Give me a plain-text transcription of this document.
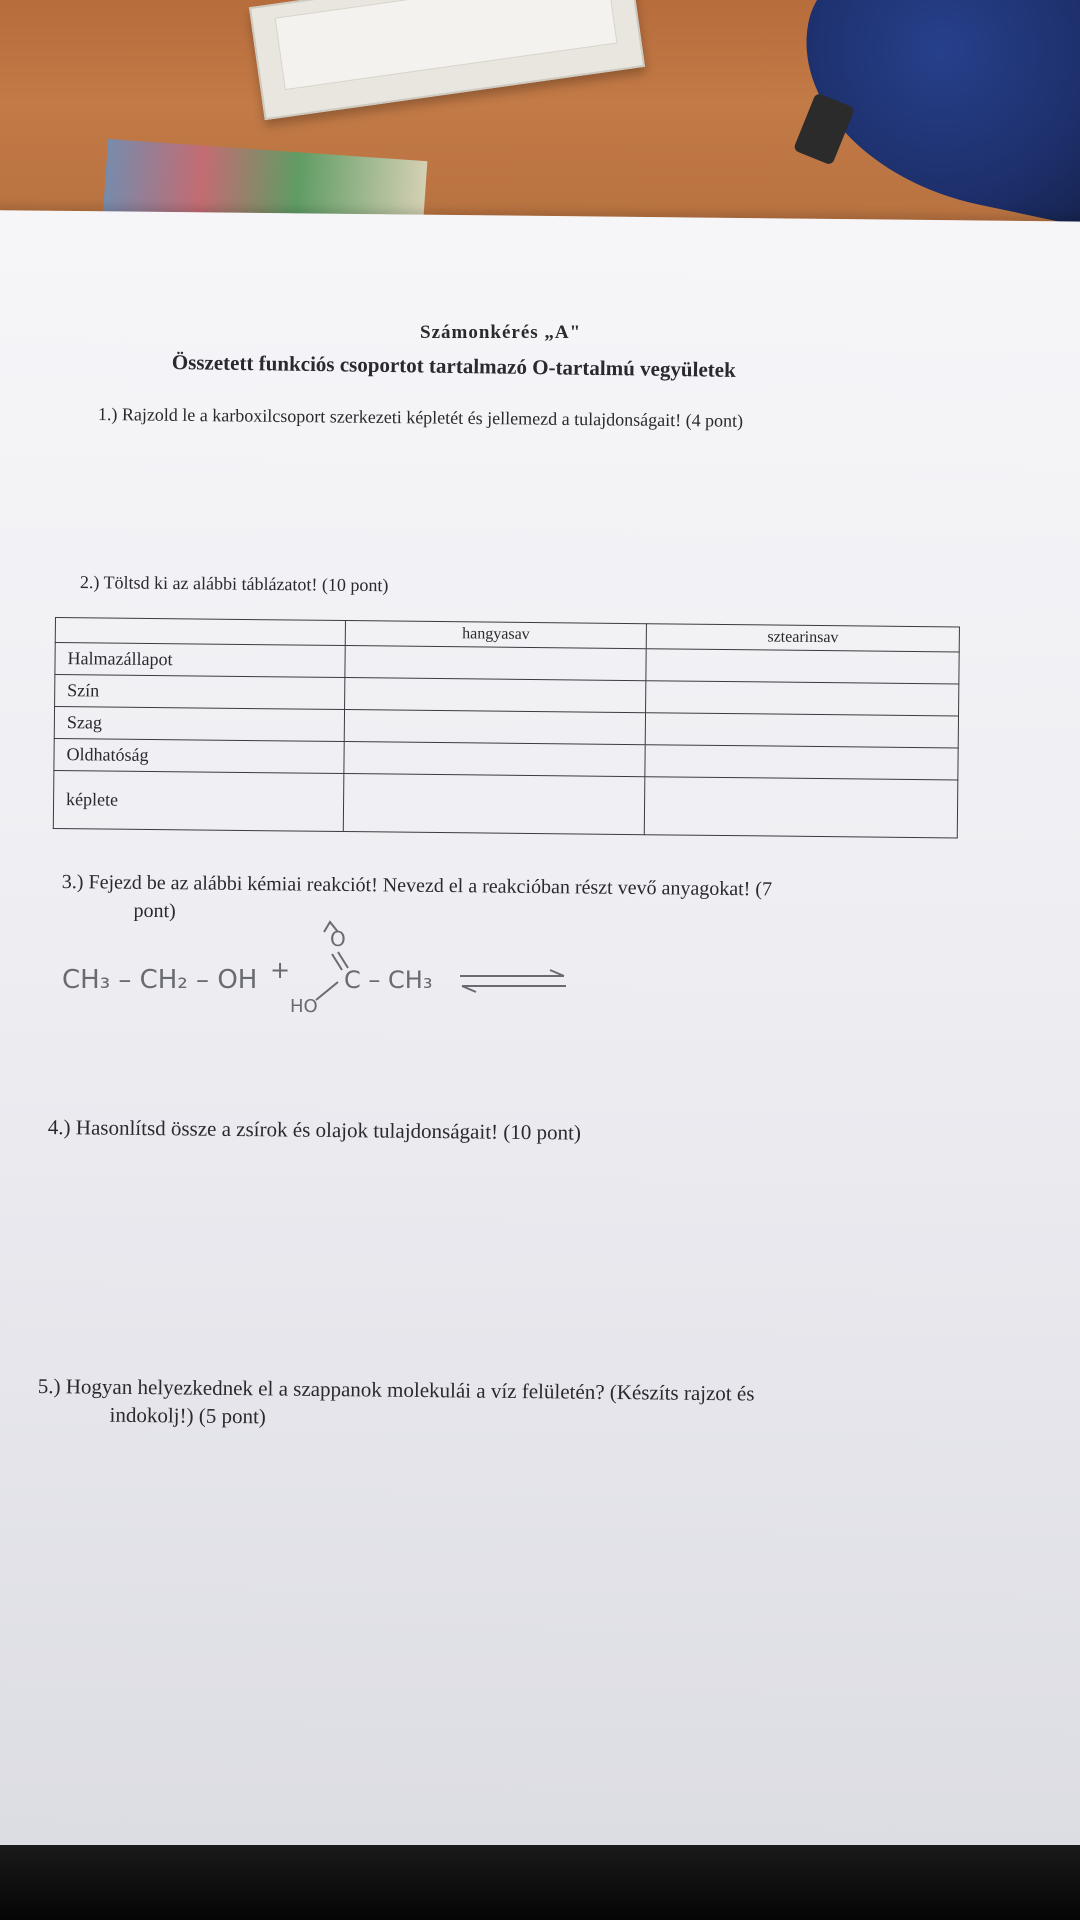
Számonkérés „A"
Összetett funkciós csoportot tartalmazó O-tartalmú vegyületek
1.) Rajzold le a karboxilcsoport szerkezeti képletét és jellemezd a tulajdonságait! (4 pont)
2.) Töltsd ki az alábbi táblázatot! (10 pont)
	hangyasav	sztearinsav
Halmazállapot		
Szín		
Szag		
Oldhatóság		
képlete		
3.) Fejezd be az alábbi kémiai reakciót! Nevezd el a reakcióban részt vevő anyagokat! (7
pont)
CH₃ – CH₂ – OH +
O
HO
C – CH₃
4.) Hasonlítsd össze a zsírok és olajok tulajdonságait! (10 pont)
5.) Hogyan helyezkednek el a szappanok molekulái a víz felületén? (Készíts rajzot és
indokolj!) (5 pont)
